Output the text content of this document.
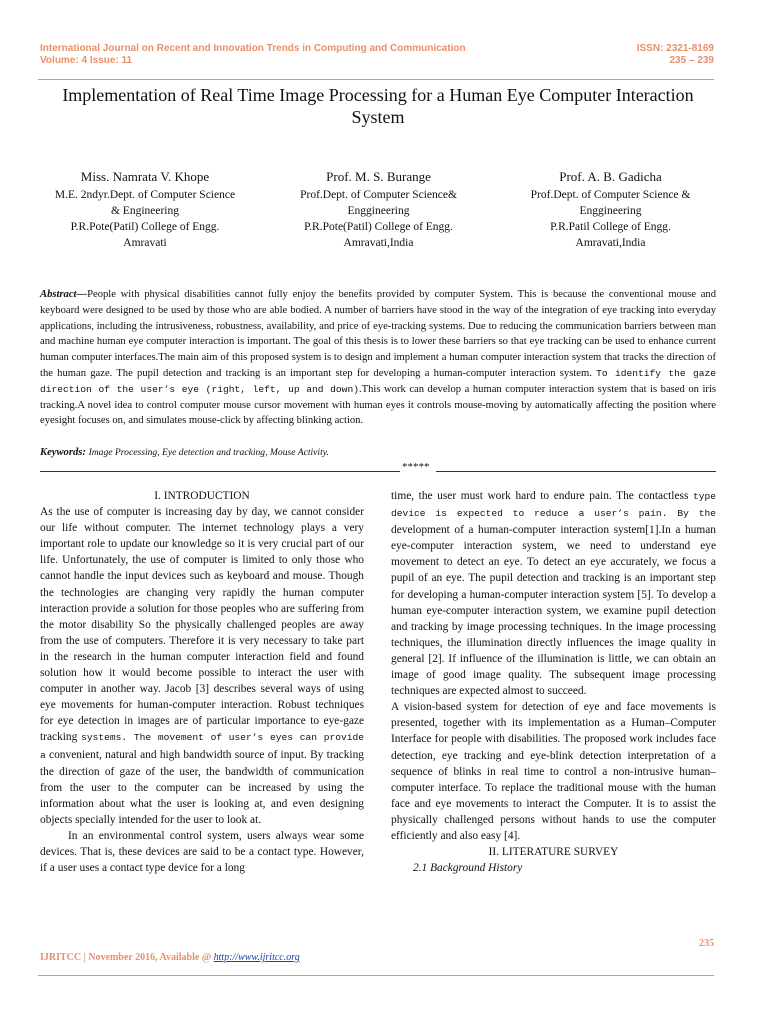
International Journal on Recent and Innovation Trends in Computing and Communication
Volume: 4 Issue: 11
ISSN: 2321-8169
235 – 239
Implementation of Real Time Image Processing for a Human Eye Computer Interaction System
Miss. Namrata V. Khope
M.E. 2ndyr.Dept. of Computer Science
& Engineering
P.R.Pote(Patil) College of Engg.
Amravati
Prof. M. S. Burange
Prof.Dept. of Computer Science&
Enggineering
P.R.Pote(Patil) College of Engg.
Amravati,India
Prof. A. B. Gadicha
Prof.Dept. of Computer Science &
Enggineering
P.R.Patil College of Engg.
Amravati,India
Abstract—People with physical disabilities cannot fully enjoy the benefits provided by computer System. This is because the conventional mouse and keyboard were designed to be used by those who are able bodied. A number of barriers have stood in the way of the integration of eye tracking into everyday applications, including the intrusiveness, robustness, availability, and price of eye-tracking systems. Due to reducing the communication barriers between man and machine human eye computer interaction is important. The goal of this thesis is to lower these barriers so that eye tracking can be used to enhance current human computer interfaces.The main aim of this proposed system is to design and implement a human computer interaction system that tracks the direction of the human gaze. The pupil detection and tracking is an important step for developing a human-computer interaction system. To identify the gaze direction of the user’s eye (right, left, up and down).This work can develop a human computer interaction system that is based on iris tracking.A novel idea to control computer mouse cursor movement with human eyes it controls mouse-moving by automatically affecting the position where eyesight focuses on, and simulates mouse-click by affecting blinking action.
Keywords: Image Processing, Eye detection and tracking, Mouse Activity.
*****

I. INTRODUCTION

As the use of computer is increasing day by day, we cannot consider our life without computer. The internet technology plays a very important role to update our knowledge so it is very crucial part of our life. Unfortunately, the use of computer is limited to only those who cannot handle the input devices such as keyboard and mouse. Though the technologies are changing very rapidly the human computer interaction provide a solution for those peoples who are suffering from the motor disability So the physically challenged peoples are away from the use of computers. Therefore it is very necessary to take part in the research in the human computer interaction field and found solution how it would become possible to interact the user with computer in another way. Jacob [3] describes several ways of using eye movements for human-computer interaction. Robust techniques for eye detection in images are of particular importance to eye-gaze tracking systems. The movement of user’s eyes can provide a convenient, natural and high bandwidth source of input. By tracking the direction of gaze of the user, the bandwidth of communication from the user to the computer can be increased by using the information about what the user is looking at, and even designing objects specially intended for the user to look at.

In an environmental control system, users always wear some devices. That is, these devices are said to be a contact type. However, if a user uses a contact type device for a long

time, the user must work hard to endure pain. The contactless type device is expected to reduce a user’s pain. By the development of a human-computer interaction system[1].In a human eye-computer interaction system, we need to understand eye movement to detect an eye. To detect an eye accurately, we focus a pupil of an eye. The pupil detection and tracking is an important step for developing a human-computer interaction system [5]. To develop a human eye-computer interaction system, we examine pupil detection and tracking by image processing techniques. In the image processing techniques, the illumination directly influences the image quality in general [2]. If influence of the illumination is little, we can obtain an image of good image quality. The subsequent image processing techniques are expected almost to succeed.

A vision-based system for detection of eye and face movements is presented, together with its implementation as a Human–Computer Interface for people with disabilities. The proposed work includes face detection, eye tracking and eye-blink detection interpretation of a sequence of blinks in real time to control a non-intrusive human–computer interface. To replace the traditional mouse with the human face and eye movements to interact the Computer. It is to assist the physically challenged persons without hands to use the computer efficiently and also easy [4].

II. LITERATURE SURVEY

2.1 Background History

235
IJRITCC | November 2016, Available @ http://www.ijritcc.org
